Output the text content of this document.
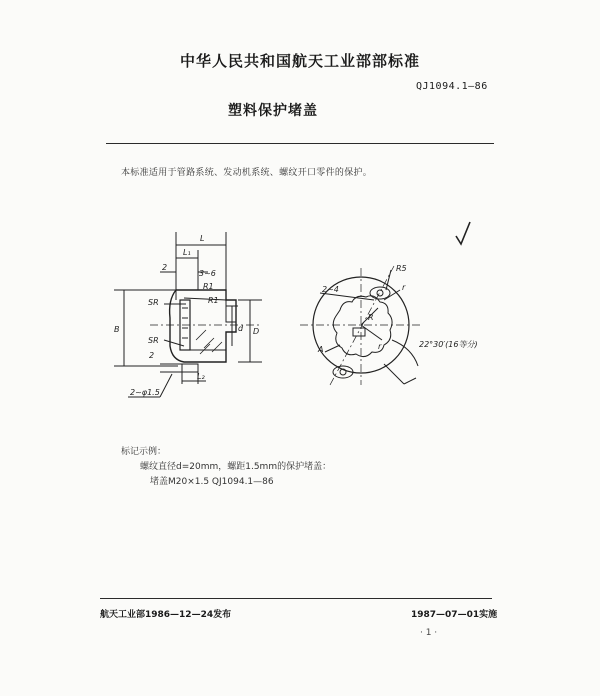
中华人民共和国航天工业部部标准
QJ1094.1—86
塑料保护堵盖
本标准适用于管路系统、发动机系统、螺纹开口零件的保护。
L
L₁
2
3~6
R1
R1
SR
SR
d D
B
2
2~φ1.5
L₂
R5
2~4	r
R
A	r	22°30′(16等分)
标记示例：
螺纹直径d=20mm，螺距1.5mm的保护堵盖：
堵盖M20×1.5 QJ1094.1—86
航天工业部1986—12—24发布	1987—07—01实施
· 1 ·
